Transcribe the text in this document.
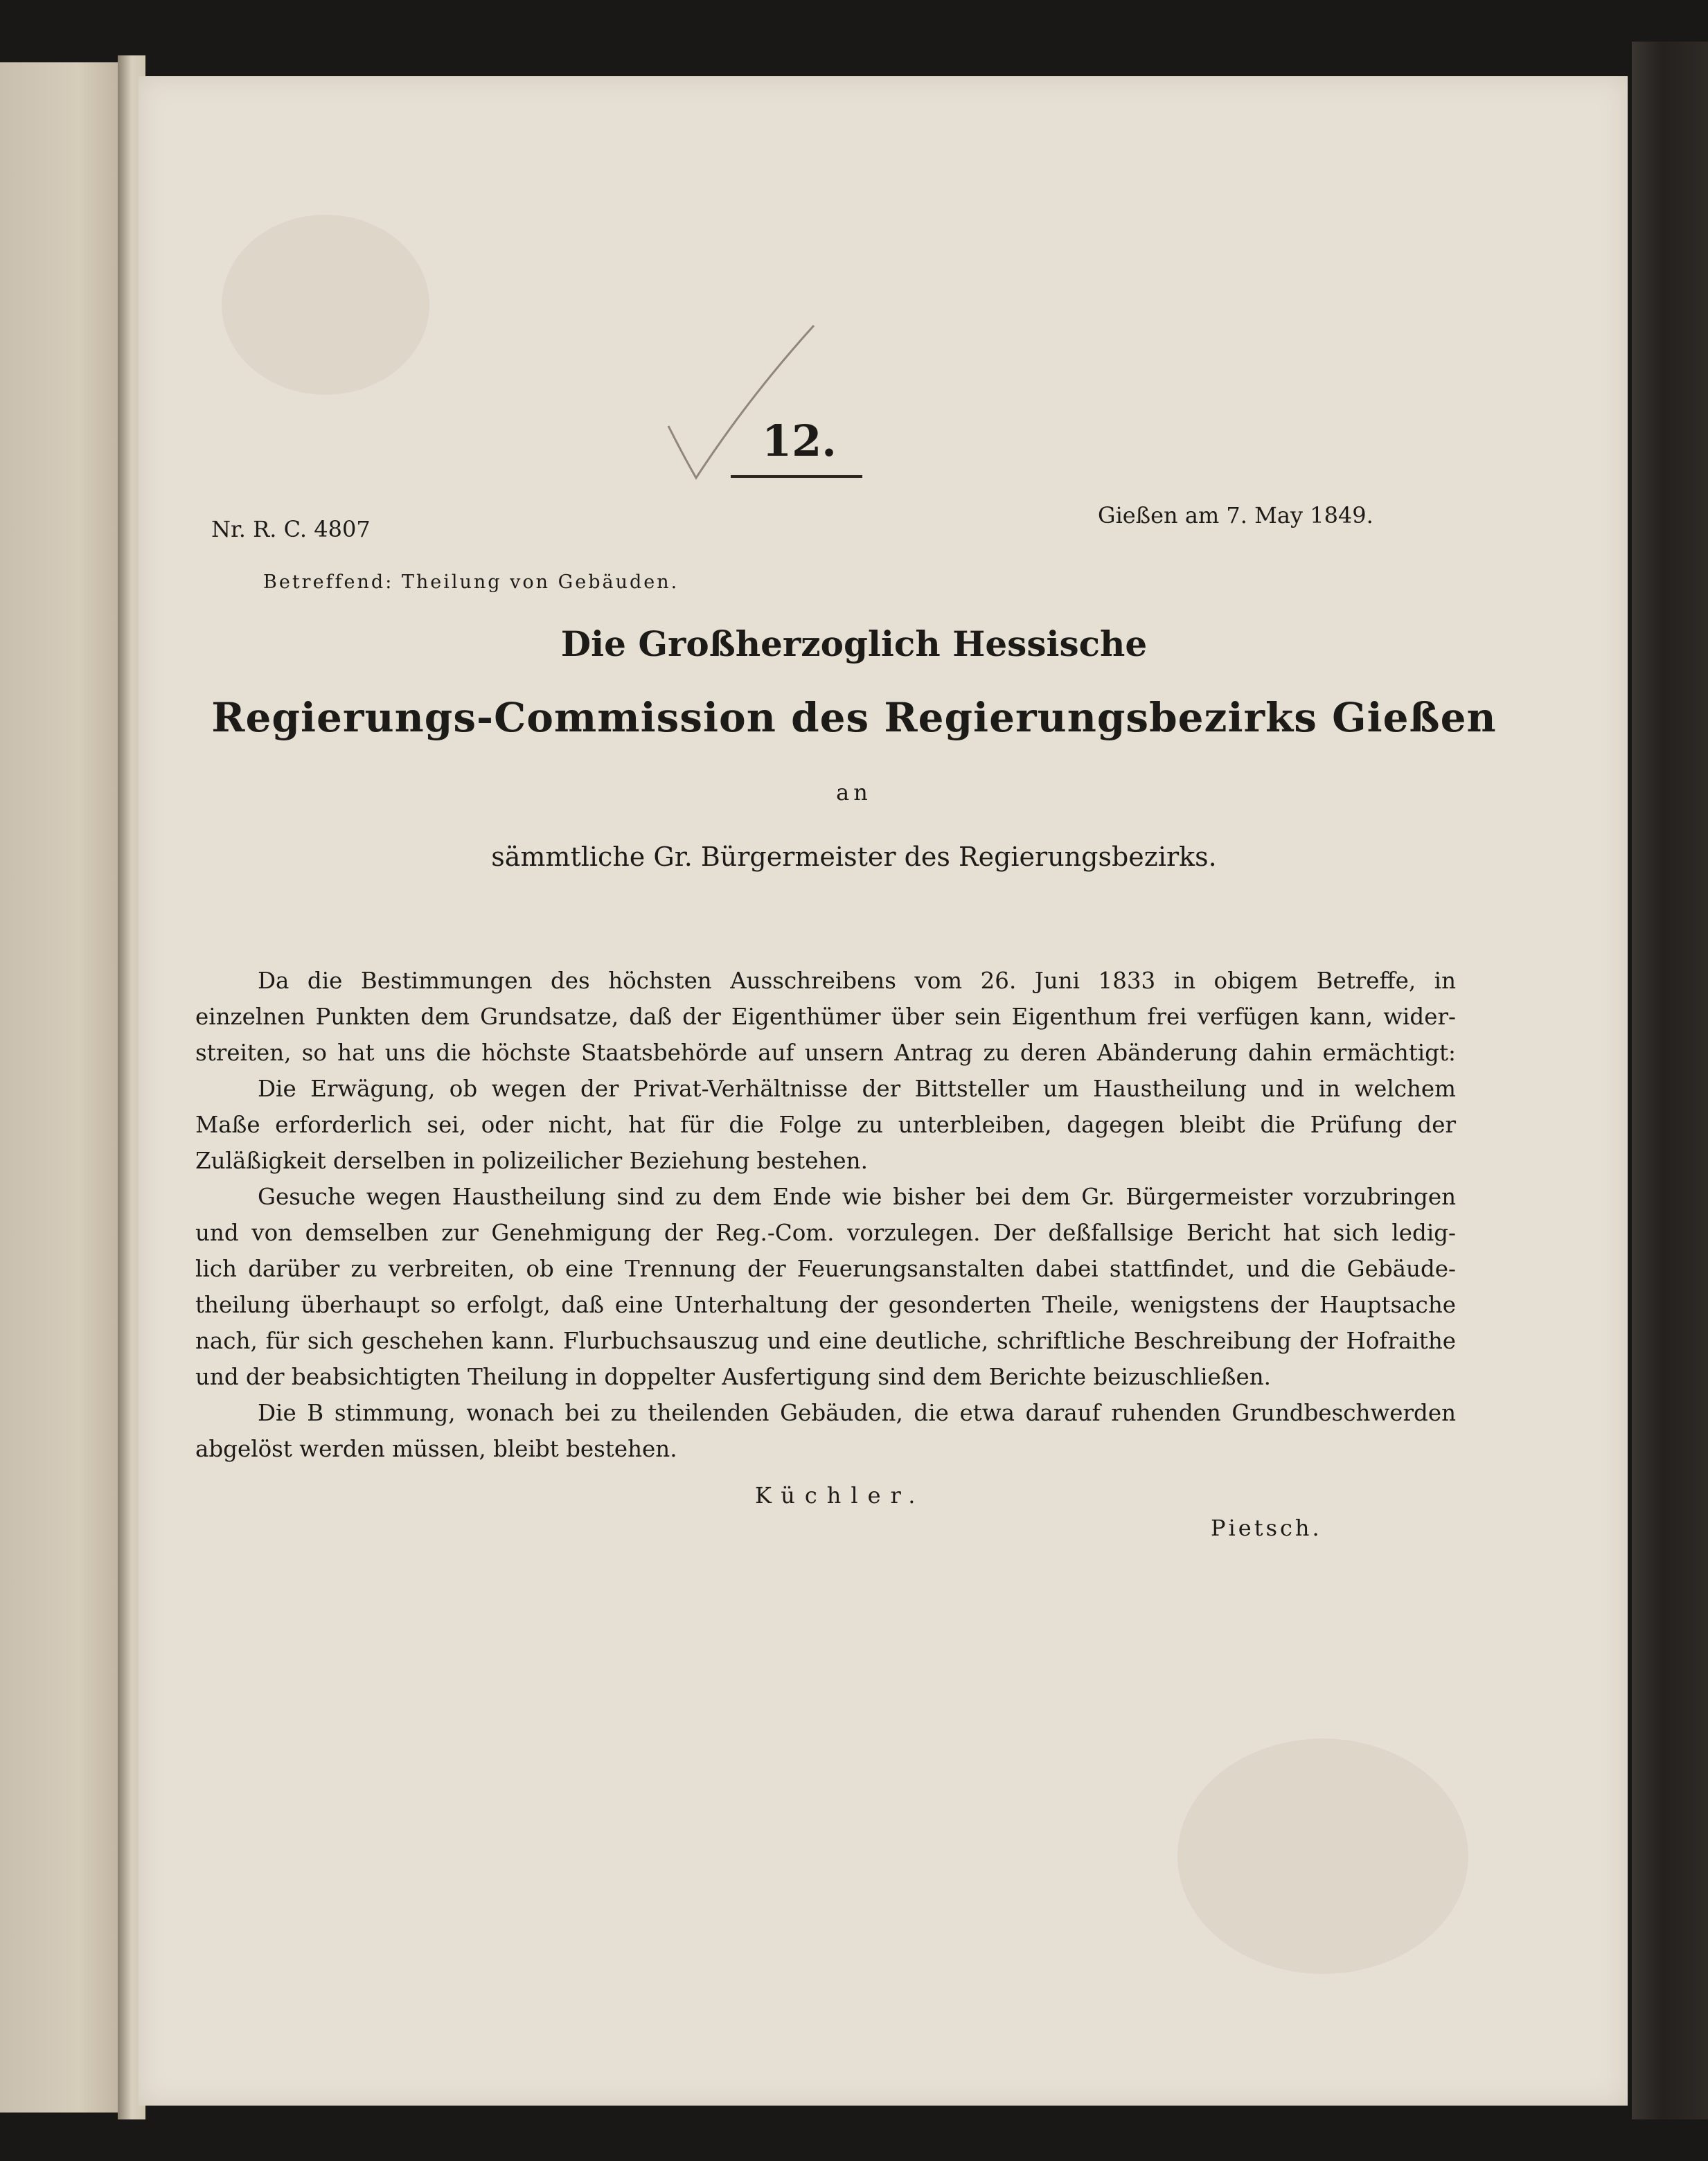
12.
Nr. R. C. 4807
Gießen am 7. May 1849.
Betreffend: Theilung von Gebäuden.
Die Großherzoglich Hessische
Regierungs-Commission des Regierungsbezirks Gießen
an
sämmtliche Gr. Bürgermeister des Regierungsbezirks.
Da die Bestimmungen des höchsten Ausschreibens vom 26. Juni 1833 in obigem Betreffe, in
einzelnen Punkten dem Grundsatze, daß der Eigenthümer über sein Eigenthum frei verfügen kann, wider-
streiten, so hat uns die höchste Staatsbehörde auf unsern Antrag zu deren Abänderung dahin ermächtigt:
Die Erwägung, ob wegen der Privat-Verhältnisse der Bittsteller um Haustheilung und in welchem
Maße erforderlich sei, oder nicht, hat für die Folge zu unterbleiben, dagegen bleibt die Prüfung der
Zuläßigkeit derselben in polizeilicher Beziehung bestehen.
Gesuche wegen Haustheilung sind zu dem Ende wie bisher bei dem Gr. Bürgermeister vorzubringen
und von demselben zur Genehmigung der Reg.-Com. vorzulegen. Der deßfallsige Bericht hat sich ledig-
lich darüber zu verbreiten, ob eine Trennung der Feuerungsanstalten dabei stattfindet, und die Gebäude-
theilung überhaupt so erfolgt, daß eine Unterhaltung der gesonderten Theile, wenigstens der Hauptsache
nach, für sich geschehen kann. Flurbuchsauszug und eine deutliche, schriftliche Beschreibung der Hofraithe
und der beabsichtigten Theilung in doppelter Ausfertigung sind dem Berichte beizuschließen.
Die B stimmung, wonach bei zu theilenden Gebäuden, die etwa darauf ruhenden Grundbeschwerden
abgelöst werden müssen, bleibt bestehen.
Küchler.
Pietsch.
